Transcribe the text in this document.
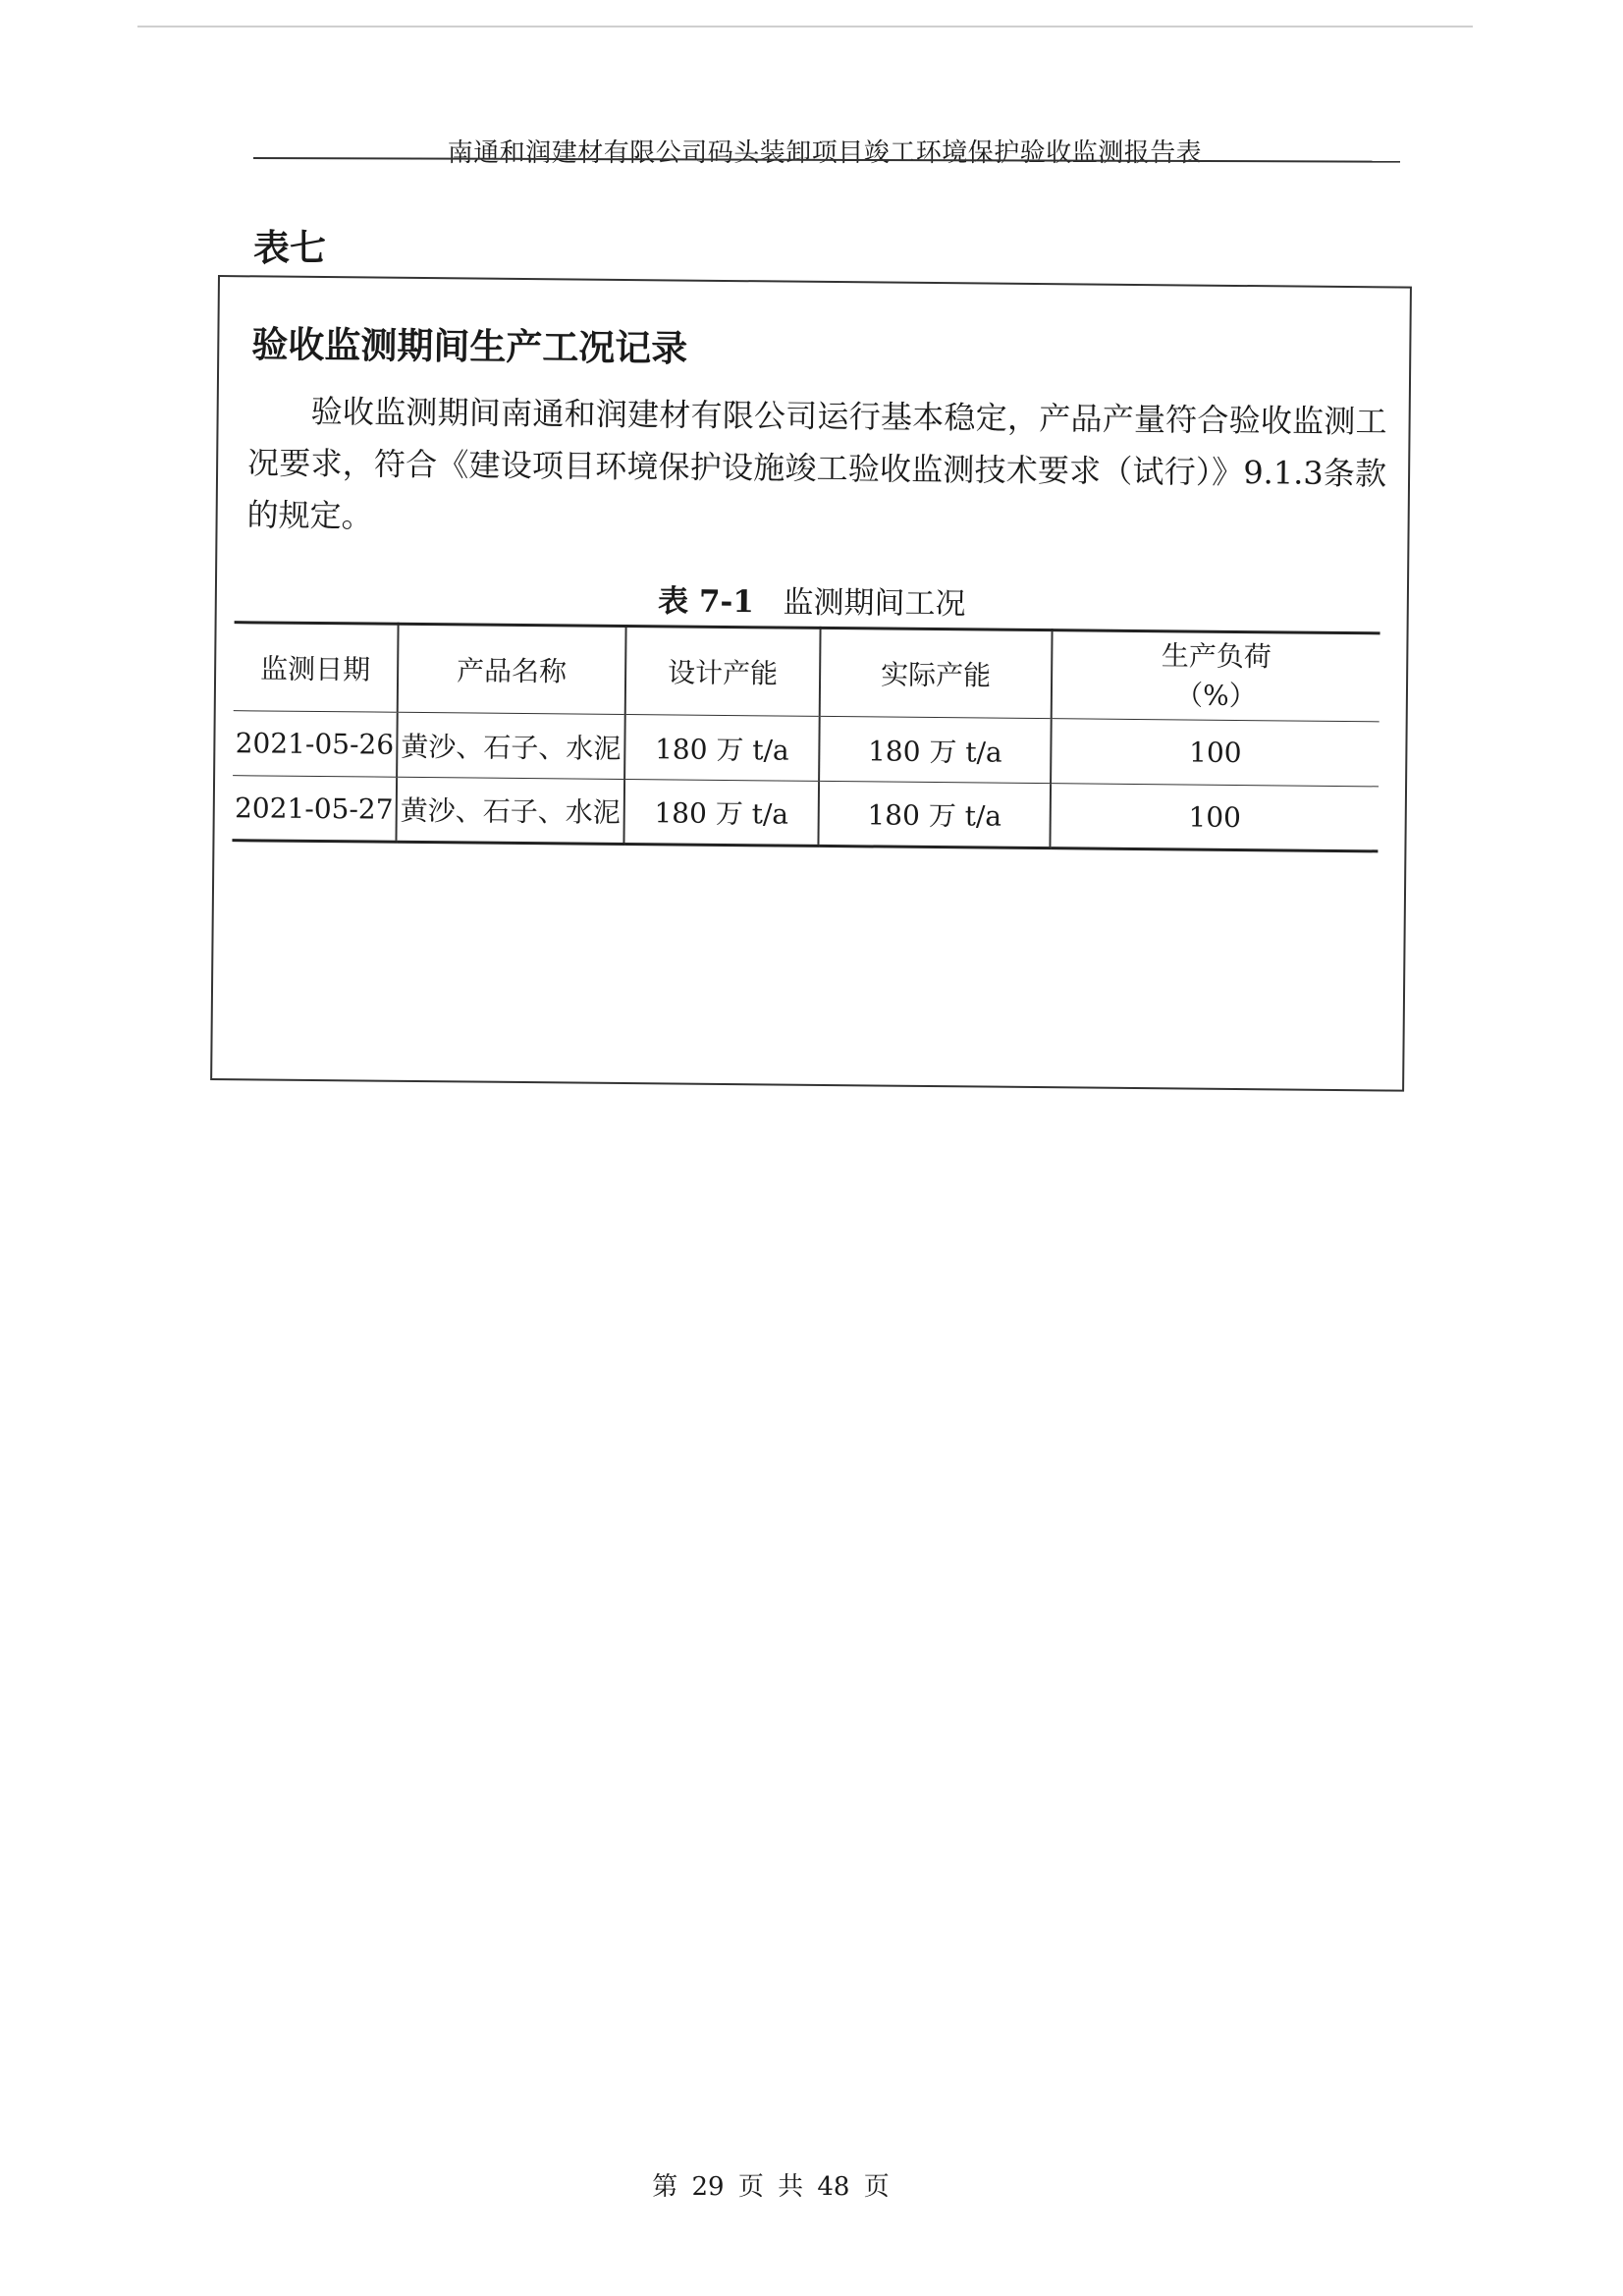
南通和润建材有限公司码头装卸项目竣工环境保护验收监测报告表
表七
验收监测期间生产工况记录
验收监测期间南通和润建材有限公司运行基本稳定，产品产量符合验收监测工况要求，符合《建设项目环境保护设施竣工验收监测技术要求（试行）》9.1.3条款的规定。
表 7-1 监测期间工况
监测日期	产品名称	设计产能	实际产能	生产负荷
（%）

2021-05-26	黄沙、石子、水泥	180 万 t/a	180 万 t/a	100
2021-05-27	黄沙、石子、水泥	180 万 t/a	180 万 t/a	100
第 29 页 共 48 页
